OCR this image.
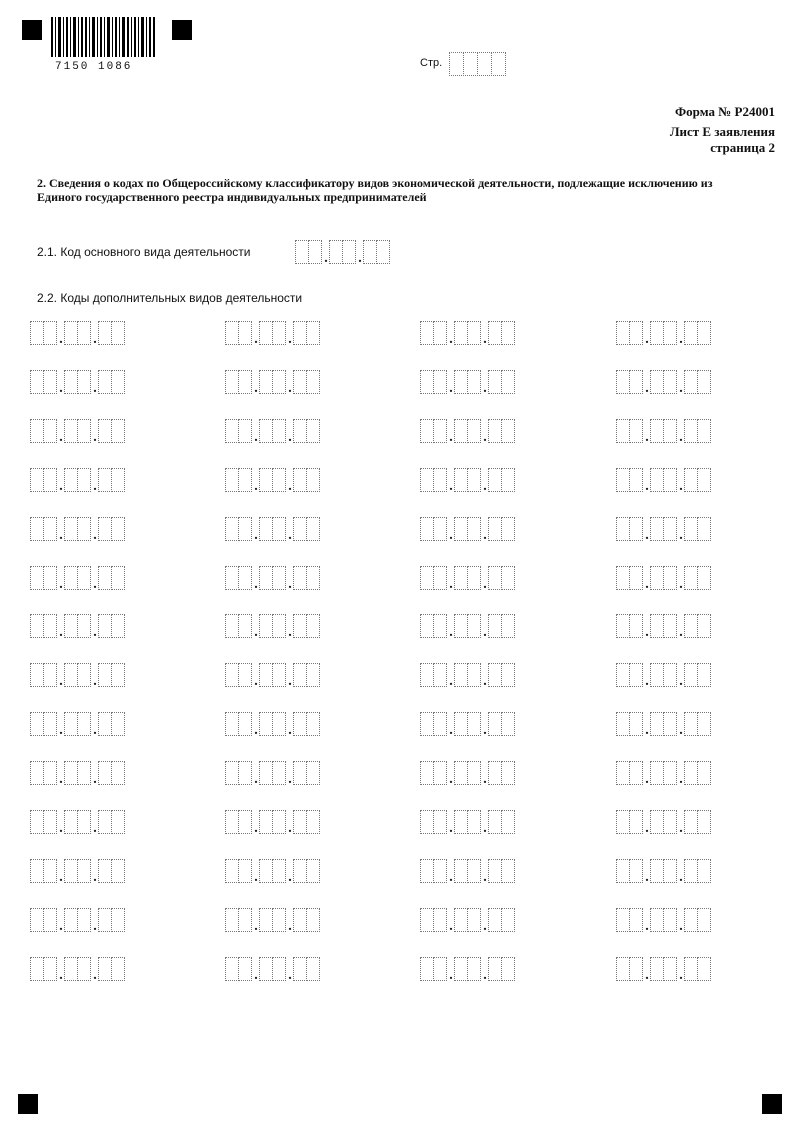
7150 1086	Стр.
Форма № Р24001
Лист Е заявления
страница 2
2. Сведения о кодах по Общероссийскому классификатору видов экономической деятельности, подлежащие исключению из Единого государственного реестра индивидуальных предпринимателей
2.1. Код основного вида деятельности	. .
2.2. Коды дополнительных видов деятельности
. .	. .	. .	. .
. .	. .	. .	. .
. .	. .	. .	. .
. .	. .	. .	. .
. .	. .	. .	. .
. .	. .	. .	. .
. .	. .	. .	. .
. .	. .	. .	. .
. .	. .	. .	. .
. .	. .	. .	. .
. .	. .	. .	. .
. .	. .	. .	. .
. .	. .	. .	. .
. .	. .	. .	. .
